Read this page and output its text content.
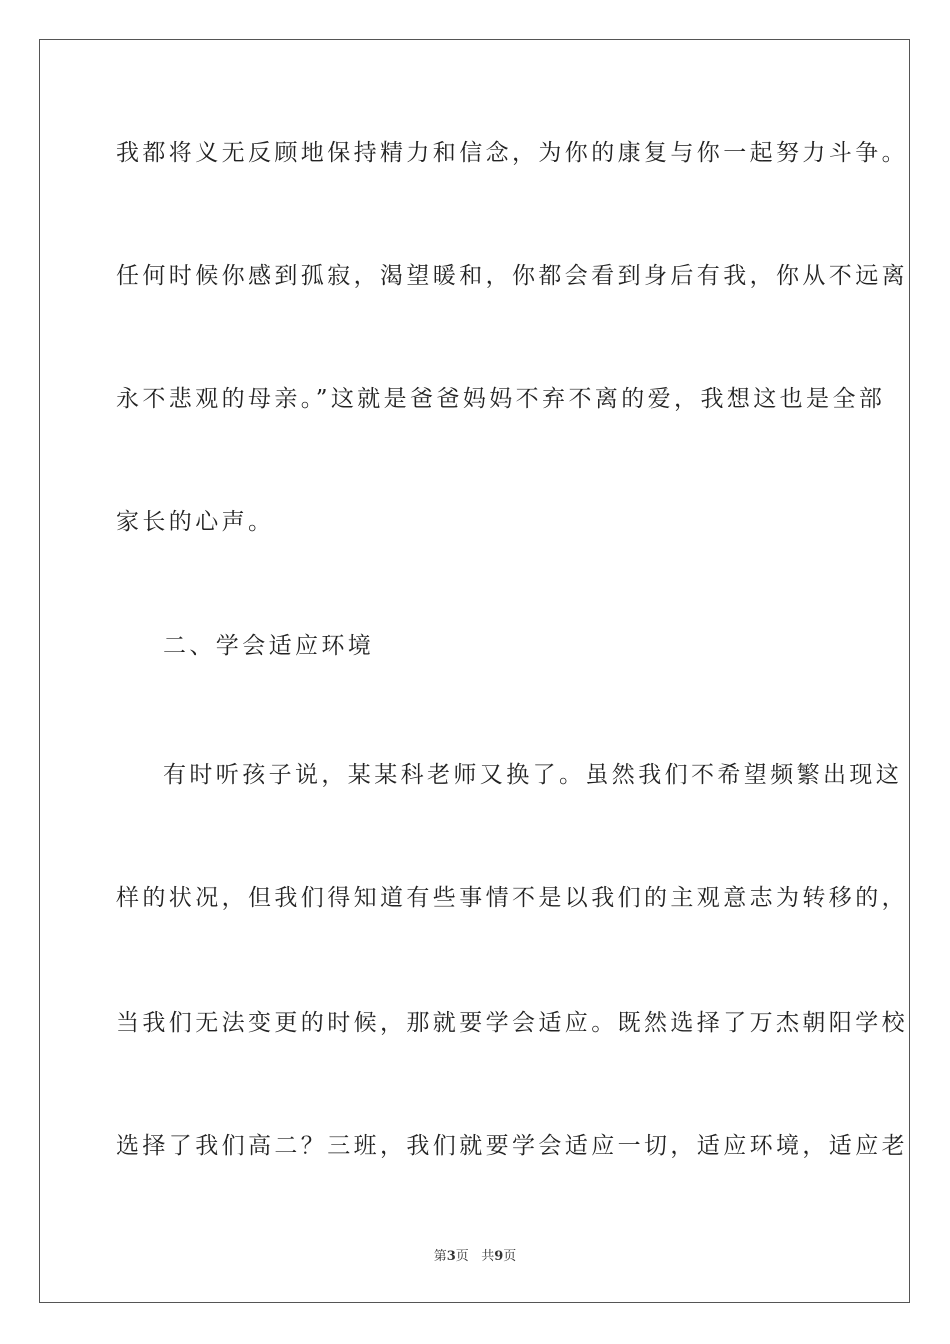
我都将义无反顾地保持精力和信念，为你的康复与你一起努力斗争。

任何时候你感到孤寂，渴望暖和，你都会看到身后有我，你从不远离

永不悲观的母亲。”这就是爸爸妈妈不弃不离的爱，我想这也是全部

家长的心声。

二、学会适应环境

有时听孩子说，某某科老师又换了。虽然我们不希望频繁出现这

样的状况，但我们得知道有些事情不是以我们的主观意志为转移的，

当我们无法变更的时候，那就要学会适应。既然选择了万杰朝阳学校

选择了我们高二？三班，我们就要学会适应一切，适应环境，适应老

第3页 共9页
